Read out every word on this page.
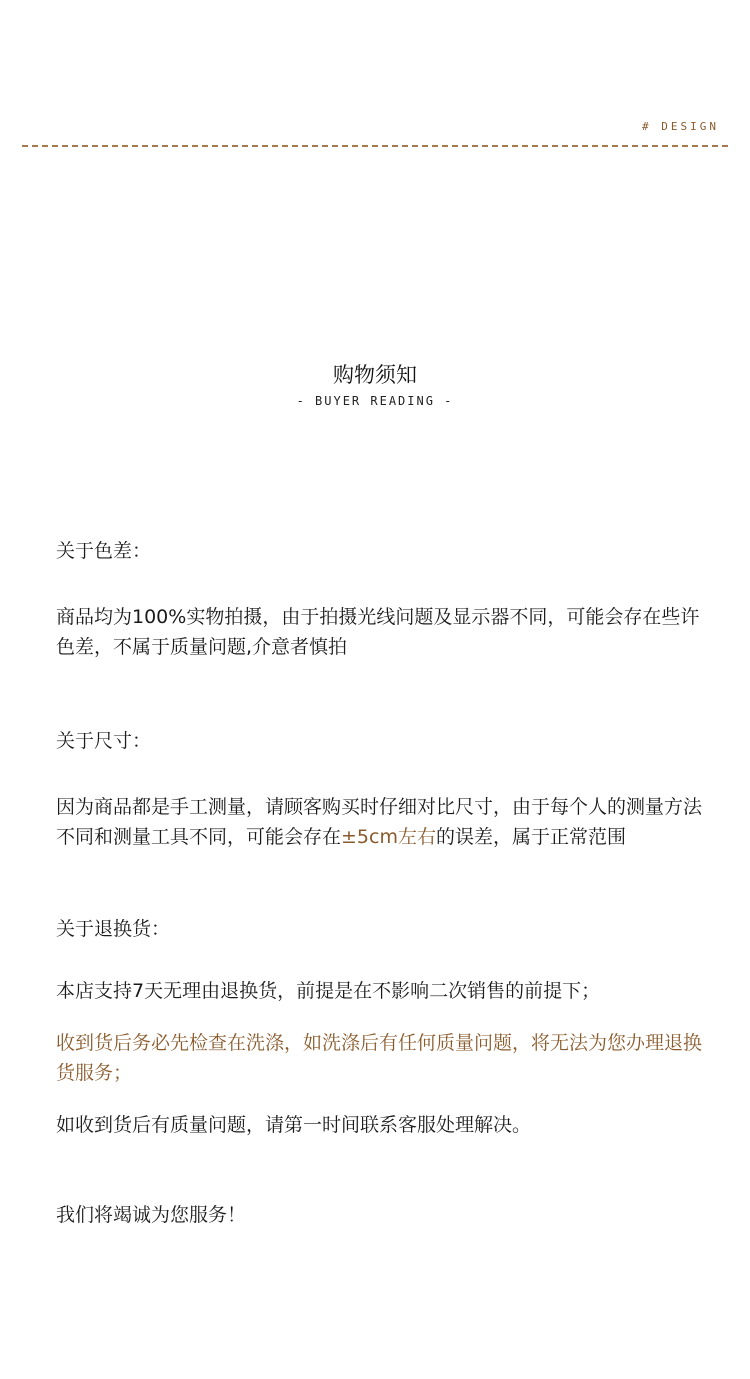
# DESIGN
购物须知
- BUYER READING -
关于色差：
商品均为100%实物拍摄，由于拍摄光线问题及显示器不同，可能会存在些许色差，不属于质量问题,介意者慎拍
关于尺寸：
因为商品都是手工测量，请顾客购买时仔细对比尺寸，由于每个人的测量方法不同和测量工具不同，可能会存在±5cm左右的误差，属于正常范围
关于退换货：
本店支持7天无理由退换货，前提是在不影响二次销售的前提下；
收到货后务必先检查在洗涤，如洗涤后有任何质量问题，将无法为您办理退换货服务；
如收到货后有质量问题，请第一时间联系客服处理解决。
我们将竭诚为您服务！
